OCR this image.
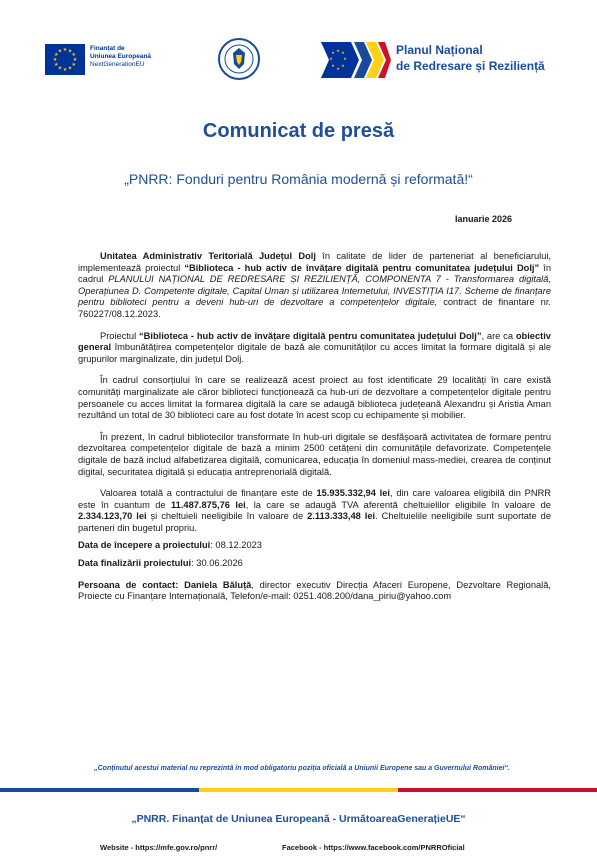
★ ★
★
★
★
★
★
★
★
★
★
★	Finanțat de
Uniunea Europeană
NextGenerationEU
★ ★
★
★
★
★
★
★	Planul Național
de Redresare și Reziliență
Comunicat de presă
„PNRR: Fonduri pentru România modernă și reformată!“
Ianuarie 2026

Unitatea Administrativ Teritorială Județul Dolj în calitate de lider de parteneriat al beneficiarului, implementează proiectul “Biblioteca - hub activ de învățare digitală pentru comunitatea județului Dolj” în cadrul PLANULUI NAȚIONAL DE REDRESARE ȘI REZILIENȚĂ, COMPONENTA 7 - Transformarea digitală, Operațiunea D. Competente digitale, Capital Uman și utilizarea Internetului, INVESTIȚIA I17. Scheme de finanțare pentru biblioteci pentru a deveni hub-uri de dezvoltare a competențelor digitale, contract de finantare nr. 760227/08.12.2023.

Proiectul “Biblioteca - hub activ de învățare digitală pentru comunitatea județului Dolj”, are ca obiectiv general îmbunătățirea competențelor digitale de bază ale comunităților cu acces limitat la formare digitală și ale grupurilor marginalizate, din județul Dolj.

În cadrul consorțiului în care se realizează acest proiect au fost identificate 29 localități în care există comunități marginalizate ale căror biblioteci funcționează ca hub-uri de dezvoltare a competențelor digitale pentru persoanele cu acces limitat la formarea digitală la care se adaugă biblioteca județeană Alexandru și Aristia Aman rezultând un total de 30 biblioteci care au fost dotate în acest scop cu echipamente și mobilier.

În prezent, în cadrul bibliotecilor transformate în hub-uri digitale se desfășoară activitatea de formare pentru dezvoltarea competențelor digitale de bază a minim 2500 cetățeni din comunitățile defavorizate. Competențele digitale de bază includ alfabetizarea digitală, comunicarea, educația în domeniul mass-mediei, crearea de conținut digital, securitatea digitală și educația antreprenorială digitală.

Valoarea totală a contractului de finanțare este de 15.935.332,94 lei, din care valoarea eligibilă din PNRR este în cuantum de 11.487.875,76 lei, la care se adaugă TVA aferentă cheltuielilor eligibile în valoare de 2.334.123,70 lei și cheltuieli neeligibile în valoare de 2.113.333,48 lei. Cheltuielile neeligibile sunt suportate de parteneri din bugetul propriu.

Data de începere a proiectului: 08.12.2023

Data finalizării proiectului: 30.06.2026

Persoana de contact: Daniela Băluță, director executiv Direcția Afaceri Europene, Dezvoltare Regională, Proiecte cu Finanțare Internațională, Telefon/e-mail: 0251.408.200/dana_piriu@yahoo.com

„Conținutul acestui material nu reprezintă în mod obligatoriu poziția oficială a Uniunii Europene sau a Guvernului României“.
„PNRR. Finanțat de Uniunea Europeană - UrmătoareaGenerațieUE“
Website - https://mfe.gov.ro/pnrr/	Facebook - https://www.facebook.com/PNRROficial
